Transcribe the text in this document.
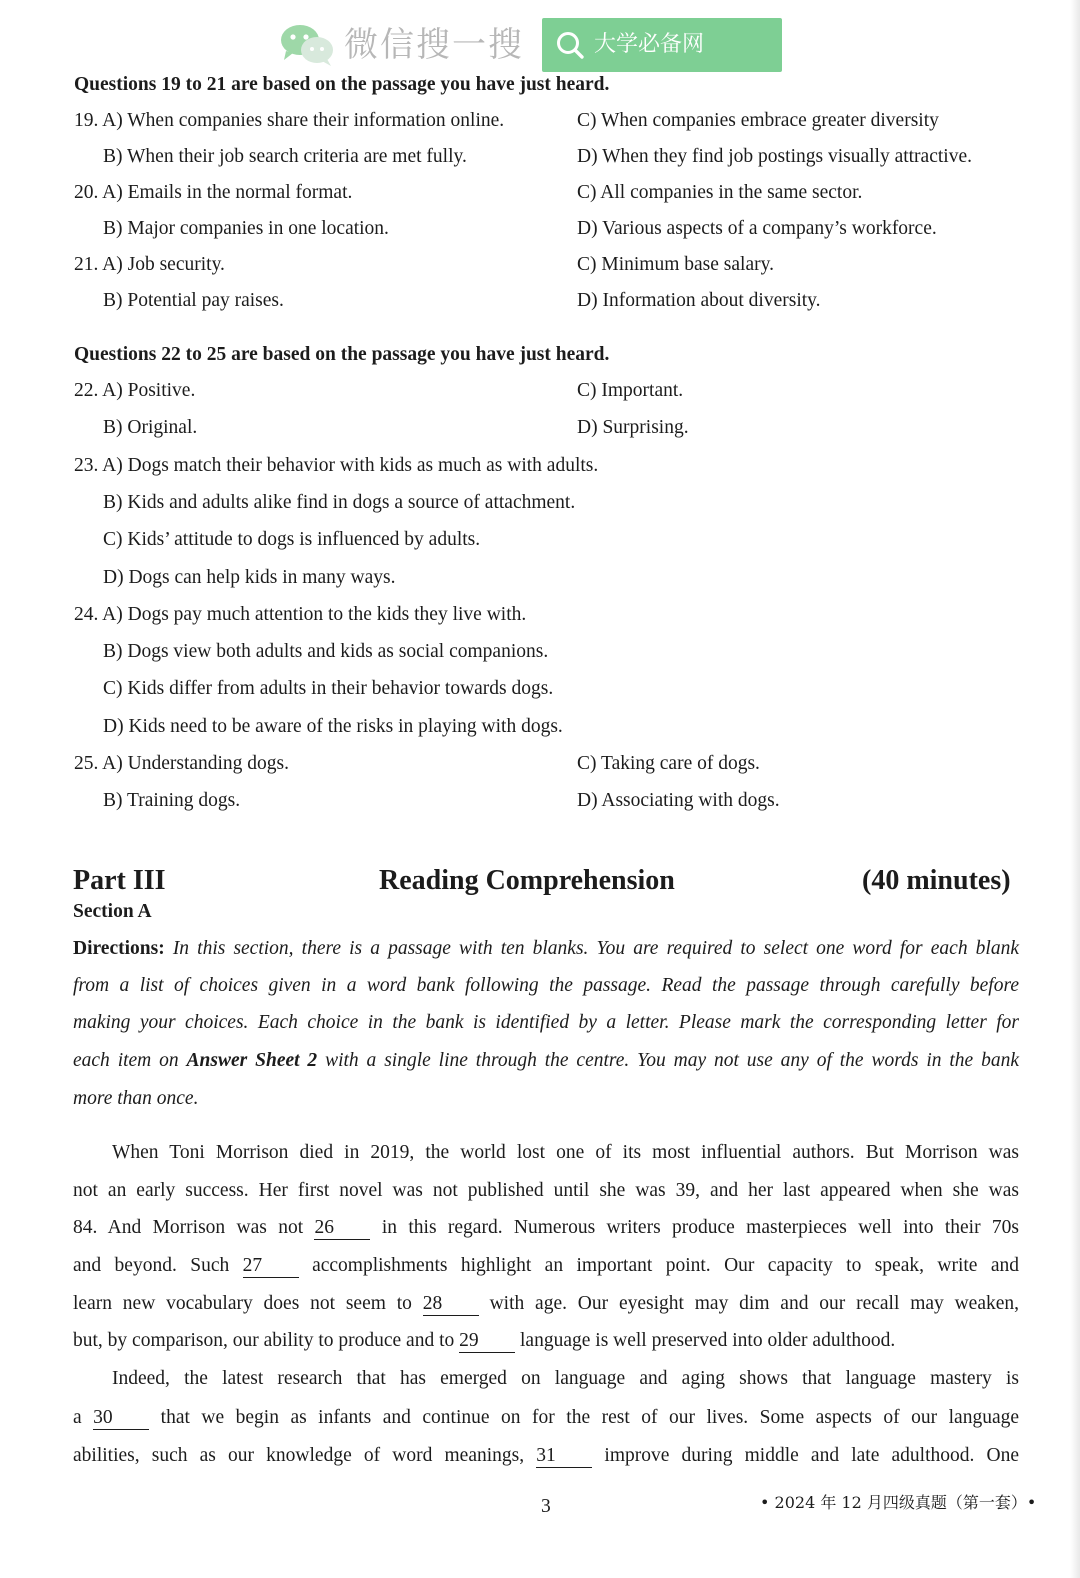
微信搜一搜	大学必备网
Questions 19 to 21 are based on the passage you have just heard.
19. A) When companies share their information online.	C) When companies embrace greater diversity
B) When their job search criteria are met fully.	D) When they find job postings visually attractive.
20. A) Emails in the normal format.	C) All companies in the same sector.
B) Major companies in one location.	D) Various aspects of a company’s workforce.
21. A) Job security.	C) Minimum base salary.
B) Potential pay raises.	D) Information about diversity.
Questions 22 to 25 are based on the passage you have just heard.
22. A) Positive.	C) Important.
B) Original.	D) Surprising.
23. A) Dogs match their behavior with kids as much as with adults.
B) Kids and adults alike find in dogs a source of attachment.
C) Kids’ attitude to dogs is influenced by adults.
D) Dogs can help kids in many ways.
24. A) Dogs pay much attention to the kids they live with.
B) Dogs view both adults and kids as social companions.
C) Kids differ from adults in their behavior towards dogs.
D) Kids need to be aware of the risks in playing with dogs.
25. A) Understanding dogs.	C) Taking care of dogs.
B) Training dogs.	D) Associating with dogs.
Part III	Reading Comprehension	(40 minutes)
Section A
Directions: In this section, there is a passage with ten blanks. You are required to select one word for each blank
from a list of choices given in a word bank following the passage. Read the passage through carefully before
making your choices. Each choice in the bank is identified by a letter. Please mark the corresponding letter for
each item on Answer Sheet 2 with a single line through the centre. You may not use any of the words in the bank
more than once.
When Toni Morrison died in 2019, the world lost one of its most influential authors. But Morrison was
not an early success. Her first novel was not published until she was 39, and her last appeared when she was
84. And Morrison was not 26 in this regard. Numerous writers produce masterpieces well into their 70s
and beyond. Such 27	accomplishments highlight an important point. Our capacity to speak, write and
learn new vocabulary does not seem to 28 with age. Our eyesight may dim and our recall may weaken,
but, by comparison, our ability to produce and to 29 language is well preserved into older adulthood.
Indeed, the latest research that has emerged on language and aging shows that language mastery is
a 30 that we begin as infants and continue on for the rest of our lives. Some aspects of our language
abilities, such as our knowledge of word meanings, 31 improve during middle and late adulthood. One
3	• 2024 年 12 月四级真题（第一套）•
